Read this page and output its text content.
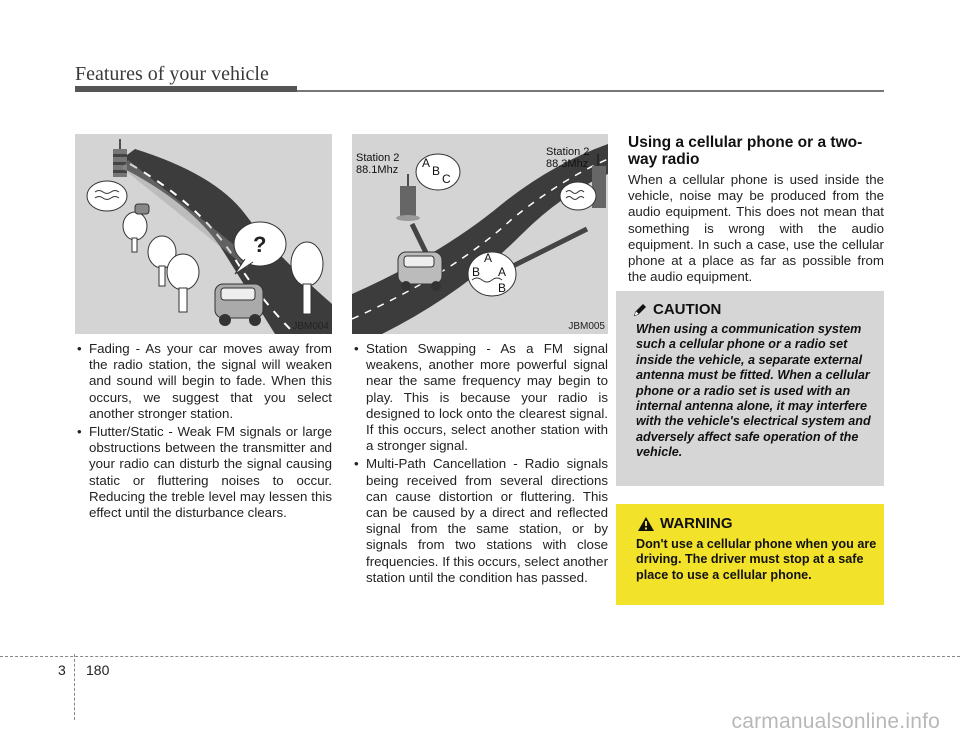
Features of your vehicle
?
JBM004
Station 2
88.1Mhz
Station 2
88.3Mhz
A
B
C
A
B A
B
JBM005
• Fading - As your car moves away from the radio station, the signal will weaken and sound will begin to fade. When this occurs, we suggest that you select another stronger station.
• Flutter/Static - Weak FM signals or large obstructions between the transmitter and your radio can disturb the signal causing static or fluttering noises to occur. Reducing the treble level may lessen this effect until the disturbance clears.
• Station Swapping - As a FM signal weakens, another more powerful signal near the same frequency may begin to play. This is because your radio is designed to lock onto the clearest signal. If this occurs, select another station with a stronger signal.
• Multi-Path Cancellation - Radio signals being received from several directions can cause distortion or fluttering. This can be caused by a direct and reflected signal from the same station, or by signals from two stations with close frequencies. If this occurs, select another station until the condition has passed.
Using a cellular phone or a two-way radio
When a cellular phone is used inside the vehicle, noise may be produced from the audio equipment. This does not mean that something is wrong with the audio equipment. In such a case, use the cellular phone at a place as far as possible from the audio equipment.
CAUTION
When using a communication system such a cellular phone or a radio set inside the vehicle, a separate external antenna must be fitted. When a cellular phone or a radio set is used with an internal antenna alone, it may interfere with the vehicle's electrical system and adversely affect safe operation of the vehicle.
WARNING
Don't use a cellular phone when you are driving. The driver must stop at a safe place to use a cellular phone.
3 180
carmanualsonline.info
